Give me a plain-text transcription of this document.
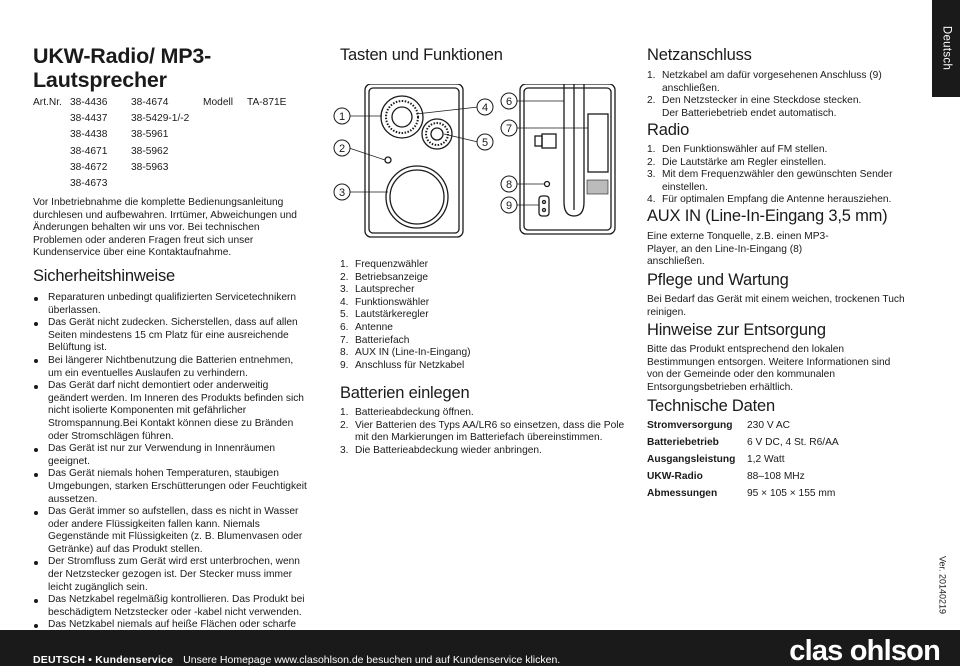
Deutsch
UKW-Radio/ MP3-Lautsprecher
Art.Nr. 38-4436 38-4674	Modell TA-871E
38-4437 38-5429-1/-2
38-4438 38-5961
38-4671 38-5962
38-4672 38-5963
38-4673

Vor Inbetriebnahme die komplette Bedienungsanleitung durchlesen und aufbewahren. Irrtümer, Abweichungen und Änderungen behalten wir uns vor. Bei technischen Problemen oder anderen Fragen freut sich unser Kundenservice über eine Kontaktaufnahme.

Sicherheitshinweise
Reparaturen unbedingt qualifizierten Servicetechnikern überlassen.
Das Gerät nicht zudecken. Sicherstellen, dass auf allen Seiten mindestens 15 cm Platz für eine ausreichende Belüftung ist.
Bei längerer Nichtbenutzung die Batterien entnehmen, um ein eventuelles Auslaufen zu verhindern.
Das Gerät darf nicht demontiert oder anderweitig geändert werden. Im Inneren des Produkts befinden sich nicht isolierte Komponenten mit gefährlicher Stromspannung.Bei Kontakt können diese zu Bränden oder Stromschlägen führen.
Das Gerät ist nur zur Verwendung in Innenräumen geeignet.
Das Gerät niemals hohen Temperaturen, staubigen Umgebungen, starken Erschütterungen oder Feuchtigkeit aussetzen.
Das Gerät immer so aufstellen, dass es nicht in Wasser oder andere Flüssigkeiten fallen kann. Niemals Gegenstände mit Flüssigkeiten (z. B. Blumenvasen oder Getränke) auf das Produkt stellen.
Der Stromfluss zum Gerät wird erst unterbrochen, wenn der Netzstecker gezogen ist. Der Stecker muss immer leicht zugänglich sein.
Das Netzkabel regelmäßig kontrollieren. Das Produkt bei beschädigtem Netzstecker oder -kabel nicht verwenden.
Das Netzkabel niemals auf heiße Flächen oder scharfe
Tasten und Funktionen
1. Frequenzwähler
2. Betriebsanzeige
3. Lautsprecher
4. Funktionswähler
5. Lautstärkeregler
6. Antenne
7. Batteriefach
8. AUX IN (Line-In-Eingang)
9. Anschluss für Netzkabel
Batterien einlegen
1. Batterieabdeckung öffnen.
2. Vier Batterien des Typs AA/LR6 so einsetzen, dass die Pole mit den Markierungen im Batteriefach übereinstimmen.
3. Die Batterieabdeckung wieder anbringen.
1
2
3
4
5
6
7
8
9
Netzanschluss
1. Netzkabel am dafür vorgesehenen Anschluss (9) anschließen.
2. Den Netzstecker in eine Steckdose stecken. Der Batteriebetrieb endet automatisch.
Radio
1. Den Funktionswähler auf FM stellen.
2. Die Lautstärke am Regler einstellen.
3. Mit dem Frequenzwähler den gewünschten Sender einstellen.
4. Für optimalen Empfang die Antenne herausziehen.
AUX IN (Line-In-Eingang 3,5 mm)

Eine externe Tonquelle, z.B. einen MP3-Player, an den Line-In-Eingang (8) anschließen.

Pflege und Wartung

Bei Bedarf das Gerät mit einem weichen, trockenen Tuch reinigen.

Hinweise zur Entsorgung

Bitte das Produkt entsprechend den lokalen Bestimmungen entsorgen. Weitere Informationen sind von der Gemeinde oder den kommunalen Entsorgungsbetrieben erhältlich.

Technische Daten
Stromversorgung	230 V AC
Batteriebetrieb	6 V DC, 4 St. R6/AA
Ausgangsleistung	1,2 Watt
UKW-Radio	88–108 MHz
Abmessungen	95 × 105 × 155 mm
Ver. 20140219
DEUTSCH • Kundenservice Unsere Homepage www.clasohlson.de besuchen und auf Kundenservice klicken.	clas ohlson
